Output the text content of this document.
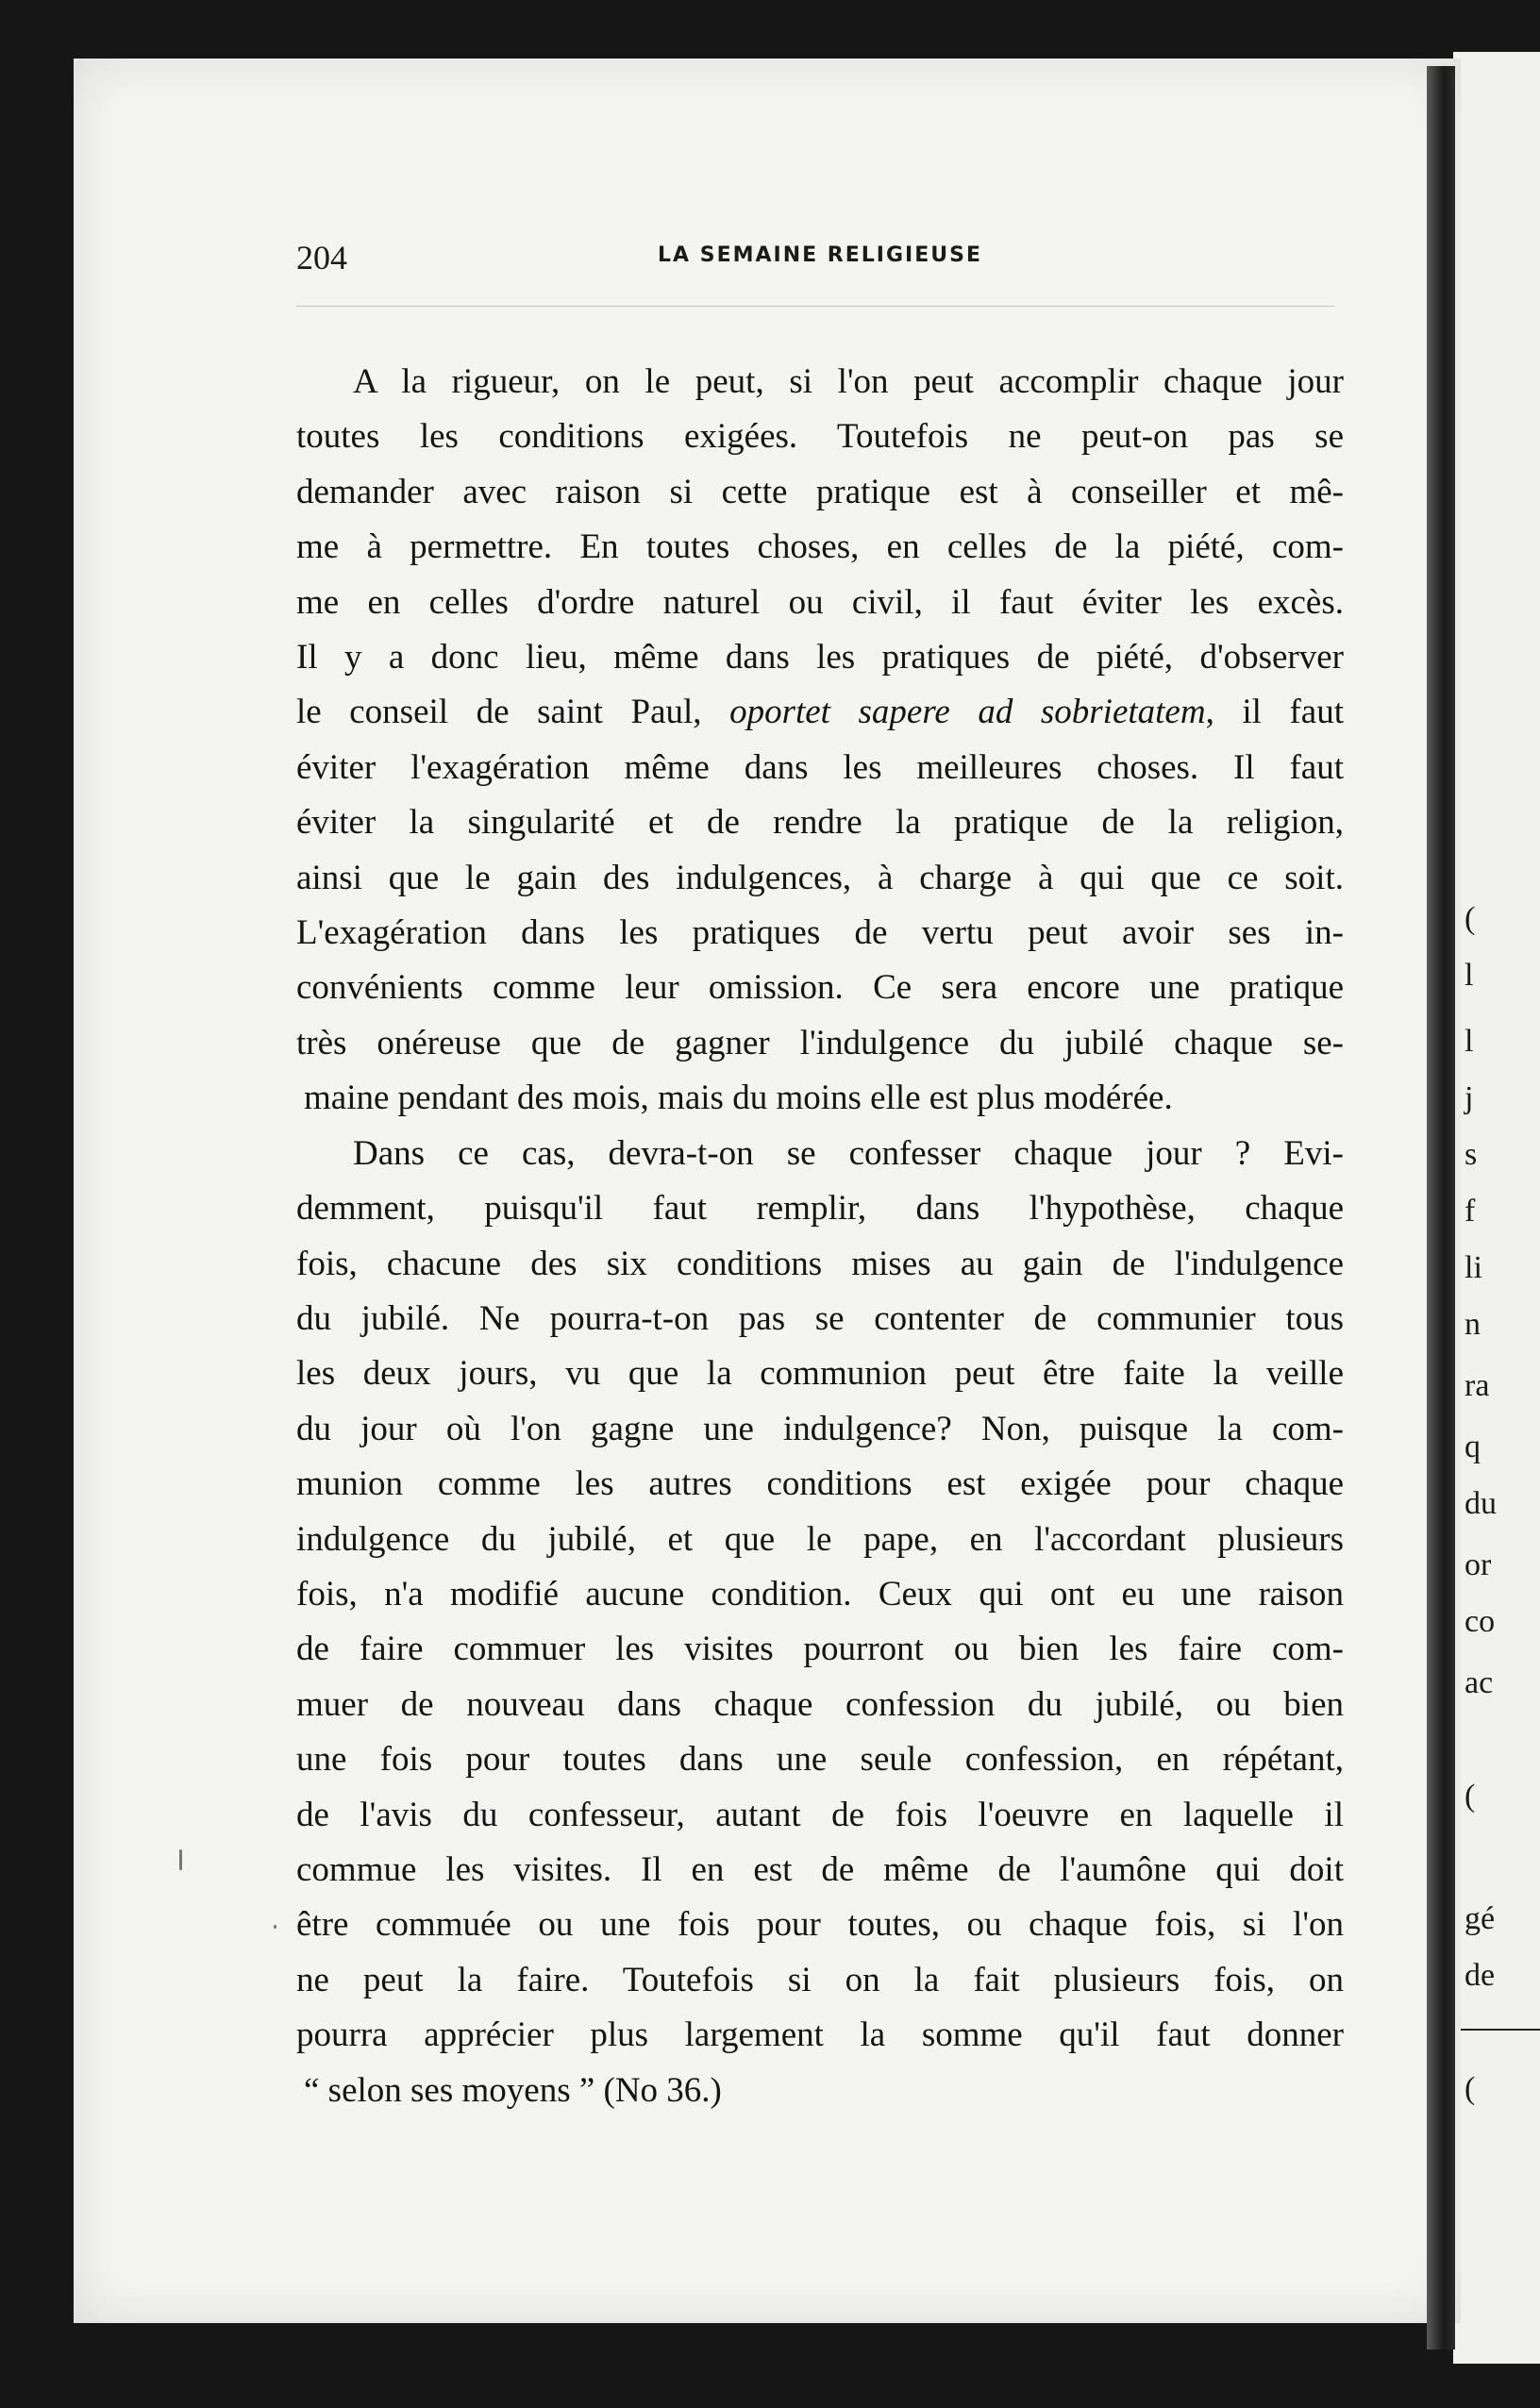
(
l
l
j
s
f
li
n
ra
q
du
or
co
ac
(
gé
de
(
204	LA SEMAINE RELIGIEUSE

A la rigueur, on le peut, si l'on peut accomplir chaque jour
toutes les conditions exigées. Toutefois ne peut-on pas se
demander avec raison si cette pratique est à conseiller et mê-
me à permettre. En toutes choses, en celles de la piété, com-
me en celles d'ordre naturel ou civil, il faut éviter les excès.
Il y a donc lieu, même dans les pratiques de piété, d'observer
le conseil de saint Paul, oportet sapere ad sobrietatem, il faut
éviter l'exagération même dans les meilleures choses. Il faut
éviter la singularité et de rendre la pratique de la religion,
ainsi que le gain des indulgences, à charge à qui que ce soit.
L'exagération dans les pratiques de vertu peut avoir ses in-
convénients comme leur omission. Ce sera encore une pratique
très onéreuse que de gagner l'indulgence du jubilé chaque se-
maine pendant des mois, mais du moins elle est plus modérée.

Dans ce cas, devra-t-on se confesser chaque jour ? Evi-
demment, puisqu'il faut remplir, dans l'hypothèse, chaque
fois, chacune des six conditions mises au gain de l'indulgence
du jubilé. Ne pourra-t-on pas se contenter de communier tous
les deux jours, vu que la communion peut être faite la veille
du jour où l'on gagne une indulgence? Non, puisque la com-
munion comme les autres conditions est exigée pour chaque
indulgence du jubilé, et que le pape, en l'accordant plusieurs
fois, n'a modifié aucune condition. Ceux qui ont eu une raison
de faire commuer les visites pourront ou bien les faire com-
muer de nouveau dans chaque confession du jubilé, ou bien
une fois pour toutes dans une seule confession, en répétant,
de l'avis du confesseur, autant de fois l'oeuvre en laquelle il
commue les visites. Il en est de même de l'aumône qui doit
être commuée ou une fois pour toutes, ou chaque fois, si l'on
ne peut la faire. Toutefois si on la fait plusieurs fois, on
pourra apprécier plus largement la somme qu'il faut donner
“ selon ses moyens ” (No 36.)
